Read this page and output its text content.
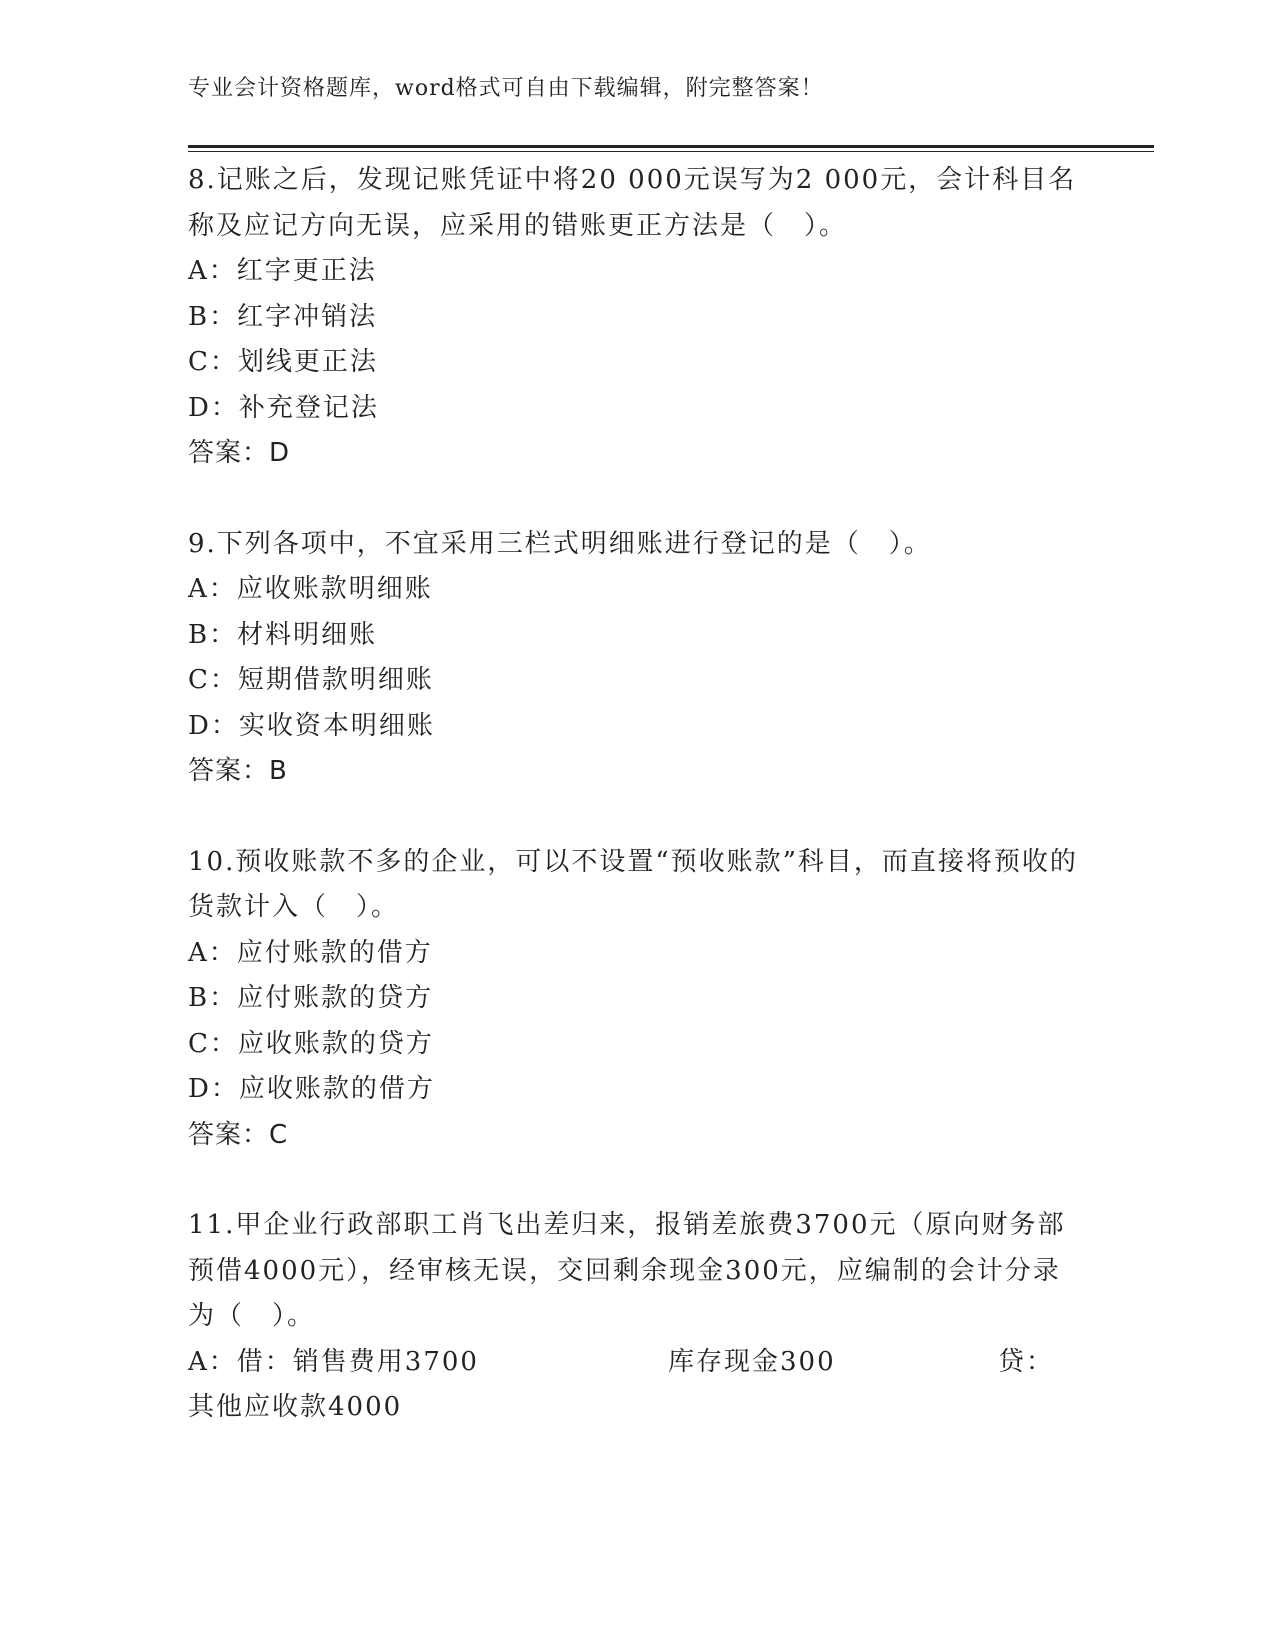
专业会计资格题库，word格式可自由下载编辑，附完整答案！

8.记账之后，发现记账凭证中将20 000元误写为2 000元，会计科目名称及应记方向无误，应采用的错账更正方法是（　）。

A：红字更正法

B：红字冲销法

C：划线更正法

D：补充登记法

答案：D

9.下列各项中，不宜采用三栏式明细账进行登记的是（　）。

A：应收账款明细账

B：材料明细账

C：短期借款明细账

D：实收资本明细账

答案：B

10.预收账款不多的企业，可以不设置“预收账款”科目，而直接将预收的货款计入（　）。

A：应付账款的借方

B：应付账款的贷方

C：应收账款的贷方

D：应收账款的借方

答案：C

11.甲企业行政部职工肖飞出差归来，报销差旅费3700元（原向财务部预借4000元），经审核无误，交回剩余现金300元，应编制的会计分录为（　）。

A：借：销售费用3700	库存现金300	贷：

其他应收款4000
